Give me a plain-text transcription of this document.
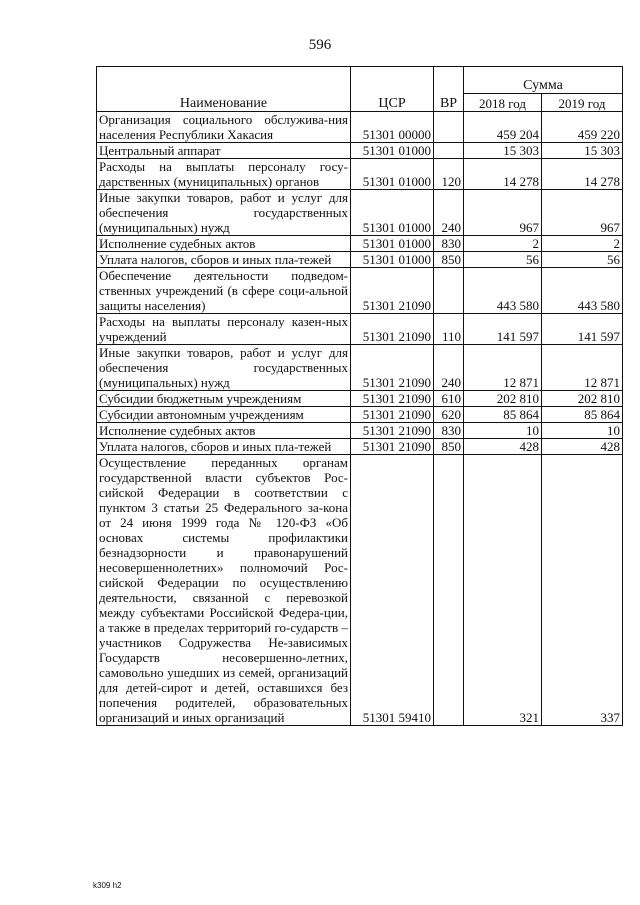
596
Наименование	ЦСР	ВР	Сумма	
			2018 год	2019 год
Организация социального обслужива-ния населения Республики Хакасия	51301 00000		459 204	459 220
Центральный аппарат	51301 01000		15 303	15 303
Расходы на выплаты персоналу госу-дарственных (муниципальных) органов	51301 01000	120	14 278	14 278
Иные закупки товаров, работ и услуг для обеспечения государственных (муниципальных) нужд	51301 01000	240	967	967
Исполнение судебных актов	51301 01000	830	2	2
Уплата налогов, сборов и иных пла-тежей	51301 01000	850	56	56
Обеспечение деятельности подведом-ственных учреждений (в сфере соци-альной защиты населения)	51301 21090		443 580	443 580
Расходы на выплаты персоналу казен-ных учреждений	51301 21090	110	141 597	141 597
Иные закупки товаров, работ и услуг для обеспечения государственных (муниципальных) нужд	51301 21090	240	12 871	12 871
Субсидии бюджетным учреждениям	51301 21090	610	202 810	202 810
Субсидии автономным учреждениям	51301 21090	620	85 864	85 864
Исполнение судебных актов	51301 21090	830	10	10
Уплата налогов, сборов и иных пла-тежей	51301 21090	850	428	428
Осуществление переданных органам государственной власти субъектов Рос-сийской Федерации в соответствии с пунктом 3 статьи 25 Федерального за-кона от 24 июня 1999 года № 120-ФЗ «Об основах системы профилактики безнадзорности и правонарушений несовершеннолетних» полномочий Рос-сийской Федерации по осуществлению деятельности, связанной с перевозкой между субъектами Российской Федера-ции, а также в пределах территорий го-сударств – участников Содружества Не-зависимых Государств несовершенно-летних, самовольно ушедших из семей, организаций для детей-сирот и детей, оставшихся без попечения родителей, образовательных организаций и иных организаций	51301 59410		321	337
k309 h2
